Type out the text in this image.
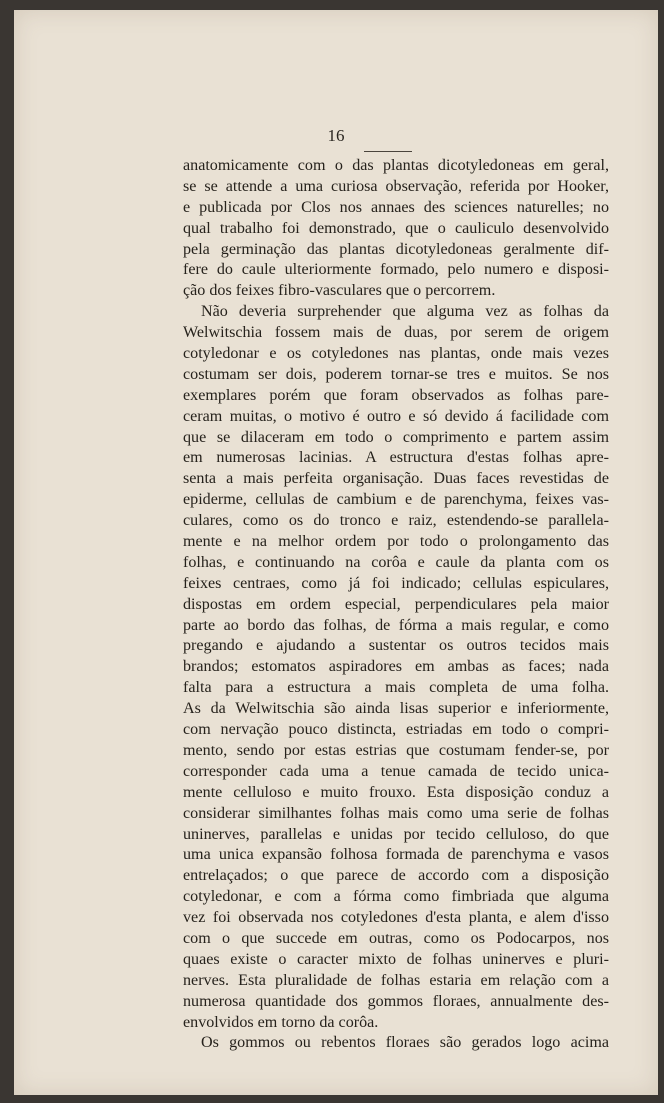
16
anatomicamente com o das plantas dicotyledoneas em geral,
se se attende a uma curiosa observação, referida por Hooker,
e publicada por Clos nos annaes des sciences naturelles; no
qual trabalho foi demonstrado, que o cauliculo desenvolvido
pela germinação das plantas dicotyledoneas geralmente dif-
fere do caule ulteriormente formado, pelo numero e disposi-
ção dos feixes fibro-vasculares que o percorrem.
Não deveria surprehender que alguma vez as folhas da
Welwitschia fossem mais de duas, por serem de origem
cotyledonar e os cotyledones nas plantas, onde mais vezes
costumam ser dois, poderem tornar-se tres e muitos. Se nos
exemplares porém que foram observados as folhas pare-
ceram muitas, o motivo é outro e só devido á facilidade com
que se dilaceram em todo o comprimento e partem assim
em numerosas lacinias. A estructura d'estas folhas apre-
senta a mais perfeita organisação. Duas faces revestidas de
epiderme, cellulas de cambium e de parenchyma, feixes vas-
culares, como os do tronco e raiz, estendendo-se parallela-
mente e na melhor ordem por todo o prolongamento das
folhas, e continuando na corôa e caule da planta com os
feixes centraes, como já foi indicado; cellulas espiculares,
dispostas em ordem especial, perpendiculares pela maior
parte ao bordo das folhas, de fórma a mais regular, e como
pregando e ajudando a sustentar os outros tecidos mais
brandos; estomatos aspiradores em ambas as faces; nada
falta para a estructura a mais completa de uma folha.
As da Welwitschia são ainda lisas superior e inferiormente,
com nervação pouco distincta, estriadas em todo o compri-
mento, sendo por estas estrias que costumam fender-se, por
corresponder cada uma a tenue camada de tecido unica-
mente celluloso e muito frouxo. Esta disposição conduz a
considerar similhantes folhas mais como uma serie de folhas
uninerves, parallelas e unidas por tecido celluloso, do que
uma unica expansão folhosa formada de parenchyma e vasos
entrelaçados; o que parece de accordo com a disposição
cotyledonar, e com a fórma como fimbriada que alguma
vez foi observada nos cotyledones d'esta planta, e alem d'isso
com o que succede em outras, como os Podocarpos, nos
quaes existe o caracter mixto de folhas uninerves e pluri-
nerves. Esta pluralidade de folhas estaria em relação com a
numerosa quantidade dos gommos floraes, annualmente des-
envolvidos em torno da corôa.
Os gommos ou rebentos floraes são gerados logo acima
